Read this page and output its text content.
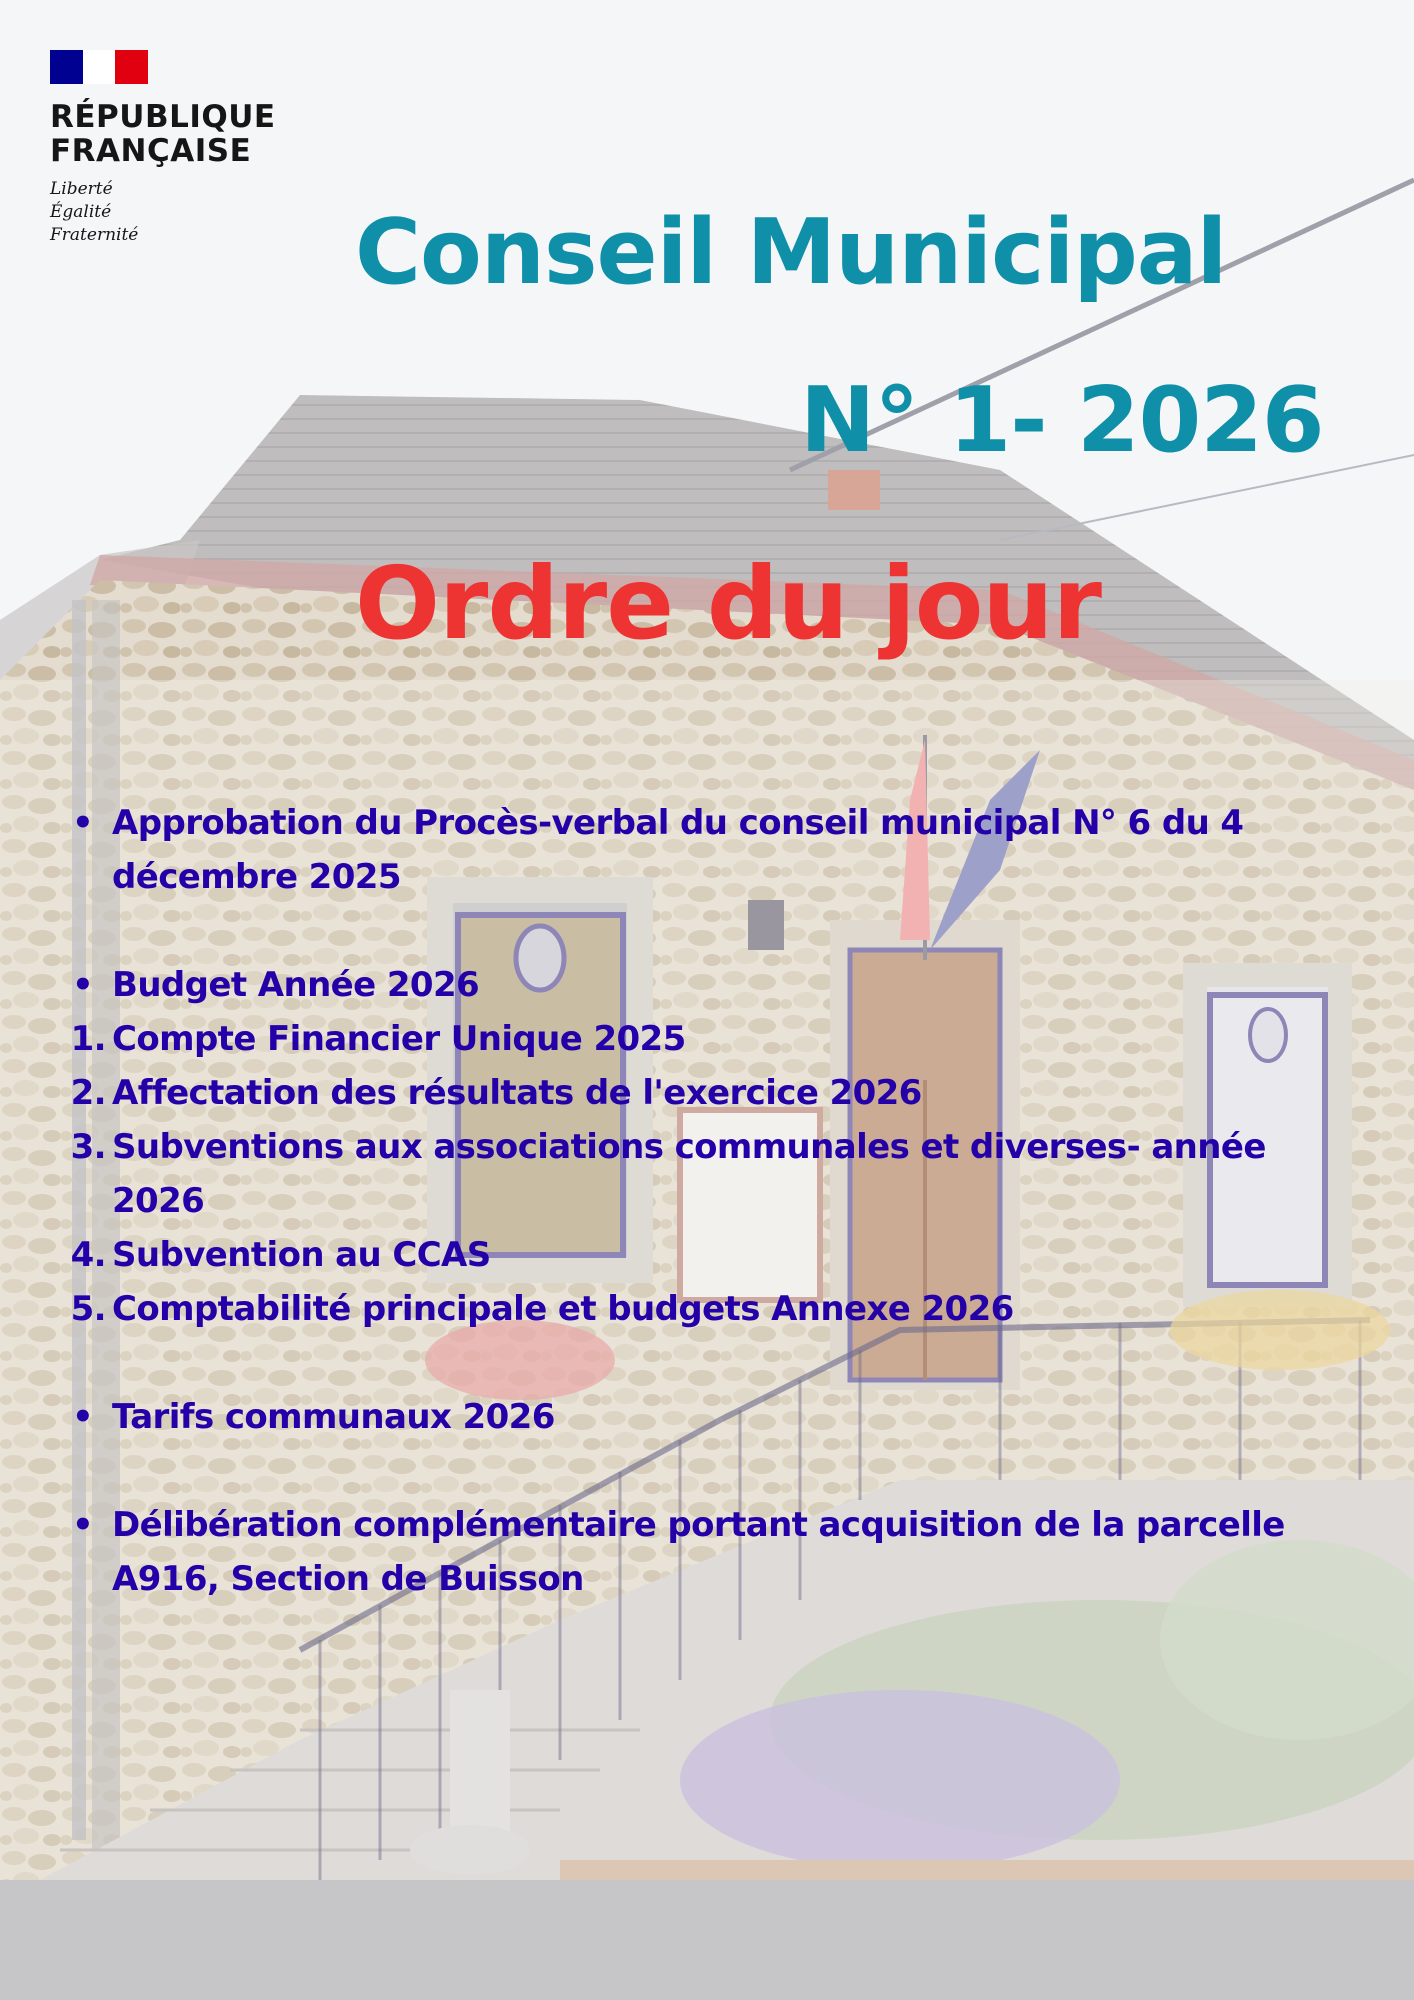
RÉPUBLIQUE
FRANÇAISE
Liberté
Égalité
Fraternité	Conseil Municipal
N° 1- 2026
Ordre du jour
• Approbation du Procès-verbal du conseil municipal N° 6 du 4 décembre 2025
• Budget Année 2026
1. Compte Financier Unique 2025
2. Affectation des résultats de l'exercice 2026
3. Subventions aux associations communales et diverses- année 2026
4. Subvention au CCAS
5. Comptabilité principale et budgets Annexe 2026
• Tarifs communaux 2026
• Délibération complémentaire portant acquisition de la parcelle A916, Section de Buisson
